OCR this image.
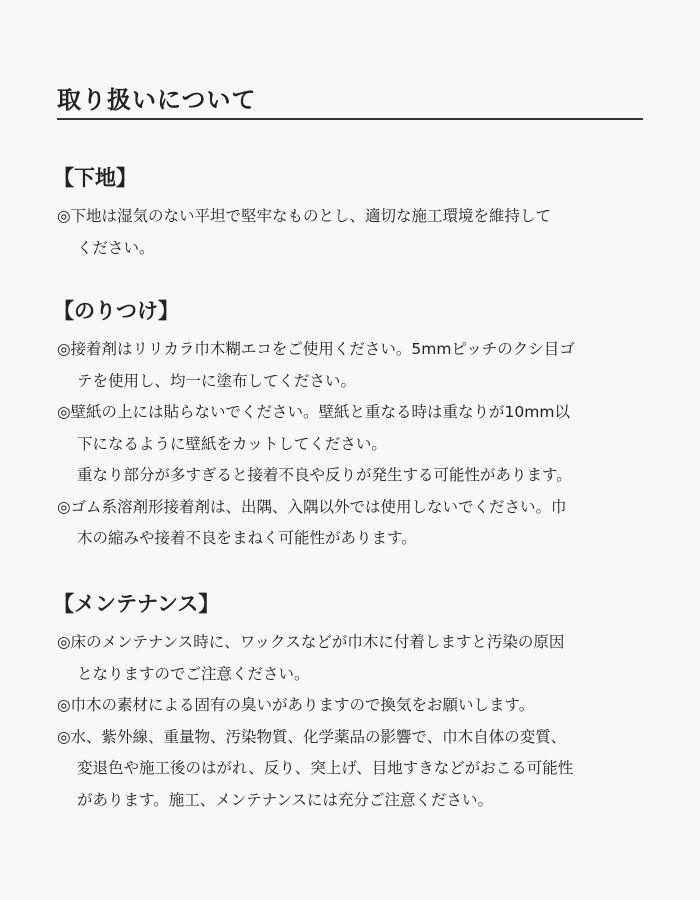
取り扱いについて
【下地】
◎下地は湿気のない平坦で堅牢なものとし、適切な施工環境を維持して
ください。
【のりつけ】
◎接着剤はリリカラ巾木糊エコをご使用ください。5mmピッチのクシ目ゴ
テを使用し、均一に塗布してください。
◎壁紙の上には貼らないでください。壁紙と重なる時は重なりが10mm以
下になるように壁紙をカットしてください。
重なり部分が多すぎると接着不良や反りが発生する可能性があります。
◎ゴム系溶剤形接着剤は、出隅、入隅以外では使用しないでください。巾
木の縮みや接着不良をまねく可能性があります。
【メンテナンス】
◎床のメンテナンス時に、ワックスなどが巾木に付着しますと汚染の原因
となりますのでご注意ください。
◎巾木の素材による固有の臭いがありますので換気をお願いします。
◎水、紫外線、重量物、汚染物質、化学薬品の影響で、巾木自体の変質、
変退色や施工後のはがれ、反り、突上げ、目地すきなどがおこる可能性
があります。施工、メンテナンスには充分ご注意ください。
